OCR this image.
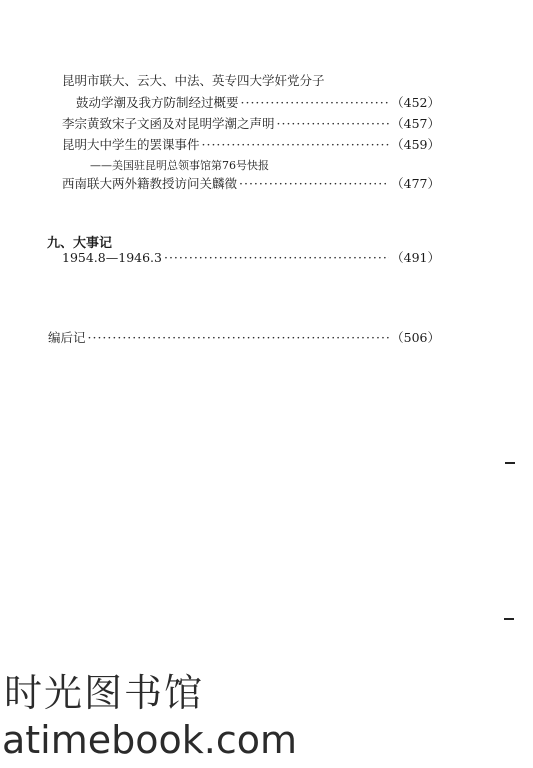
昆明市联大、云大、中法、英专四大学奸党分子
鼓动学潮及我方防制经过概要 ·····	（452）
李宗黄致宋子文函及对昆明学潮之声明 ·····	（457）
昆明大中学生的罢课事件 ·····	（459）
——美国驻昆明总领事馆第76号快报
西南联大两外籍教授访问关麟徵 ·····	（477）
九、大事记
1954.8—1946.3 ·····	（491）
编后记 ·····	（506）
时光图书馆
atimebook.com
